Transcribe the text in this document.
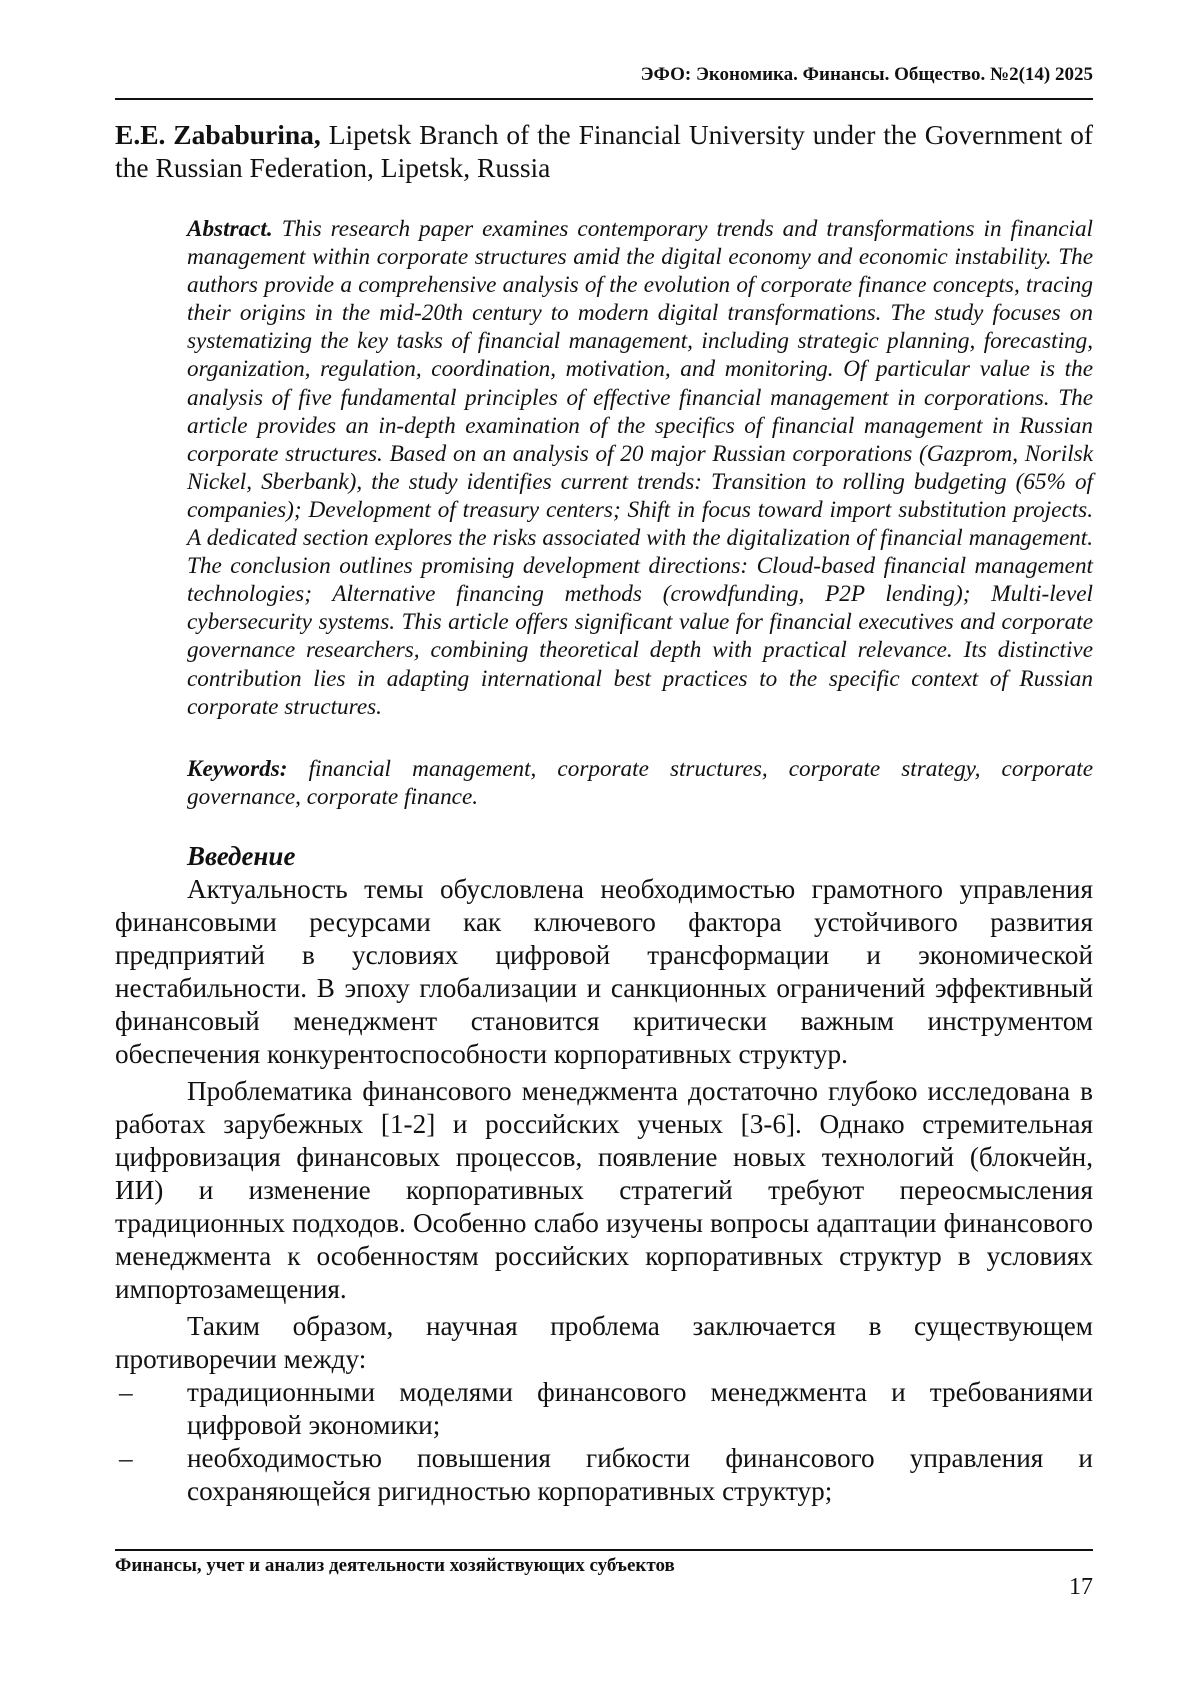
ЭФО: Экономика. Финансы. Общество. №2(14) 2025
E.E. Zababurina, Lipetsk Branch of the Financial University under the Government of the Russian Federation, Lipetsk, Russia
Abstract. This research paper examines contemporary trends and transformations in financial management within corporate structures amid the digital economy and economic instability. The authors provide a comprehensive analysis of the evolution of corporate finance concepts, tracing their origins in the mid-20th century to modern digital transformations. The study focuses on systematizing the key tasks of financial management, including strategic planning, forecasting, organization, regulation, coordination, motivation, and monitoring. Of particular value is the analysis of five fundamental principles of effective financial management in corporations. The article provides an in-depth examination of the specifics of financial management in Russian corporate structures. Based on an analysis of 20 major Russian corporations (Gazprom, Norilsk Nickel, Sberbank), the study identifies current trends: Transition to rolling budgeting (65% of companies); Development of treasury centers; Shift in focus toward import substitution projects. A dedicated section explores the risks associated with the digitalization of financial management. The conclusion outlines promising development directions: Cloud-based financial management technologies; Alternative financing methods (crowdfunding, P2P lending); Multi-level cybersecurity systems. This article offers significant value for financial executives and corporate governance researchers, combining theoretical depth with practical relevance. Its distinctive contribution lies in adapting international best practices to the specific context of Russian corporate structures.
Keywords: financial management, corporate structures, corporate strategy, corporate governance, corporate finance.
Введение

Актуальность темы обусловлена необходимостью грамотного управления финансовыми ресурсами как ключевого фактора устойчивого развития предприятий в условиях цифровой трансформации и экономической нестабильности. В эпоху глобализации и санкционных ограничений эффективный финансовый менеджмент становится критически важным инструментом обеспечения конкурентоспособности корпоративных структур.

Проблематика финансового менеджмента достаточно глубоко исследована в работах зарубежных [1-2] и российских ученых [3-6]. Однако стремительная цифровизация финансовых процессов, появление новых технологий (блокчейн, ИИ) и изменение корпоративных стратегий требуют переосмысления традиционных подходов. Особенно слабо изучены вопросы адаптации финансового менеджмента к особенностям российских корпоративных структур в условиях импортозамещения.

Таким образом, научная проблема заключается в существующем противоречии между:

– традиционными моделями финансового менеджмента и требованиями цифровой экономики;
– необходимостью повышения гибкости финансового управления и сохраняющейся ригидностью корпоративных структур;
Финансы, учет и анализ деятельности хозяйствующих субъектов
17
